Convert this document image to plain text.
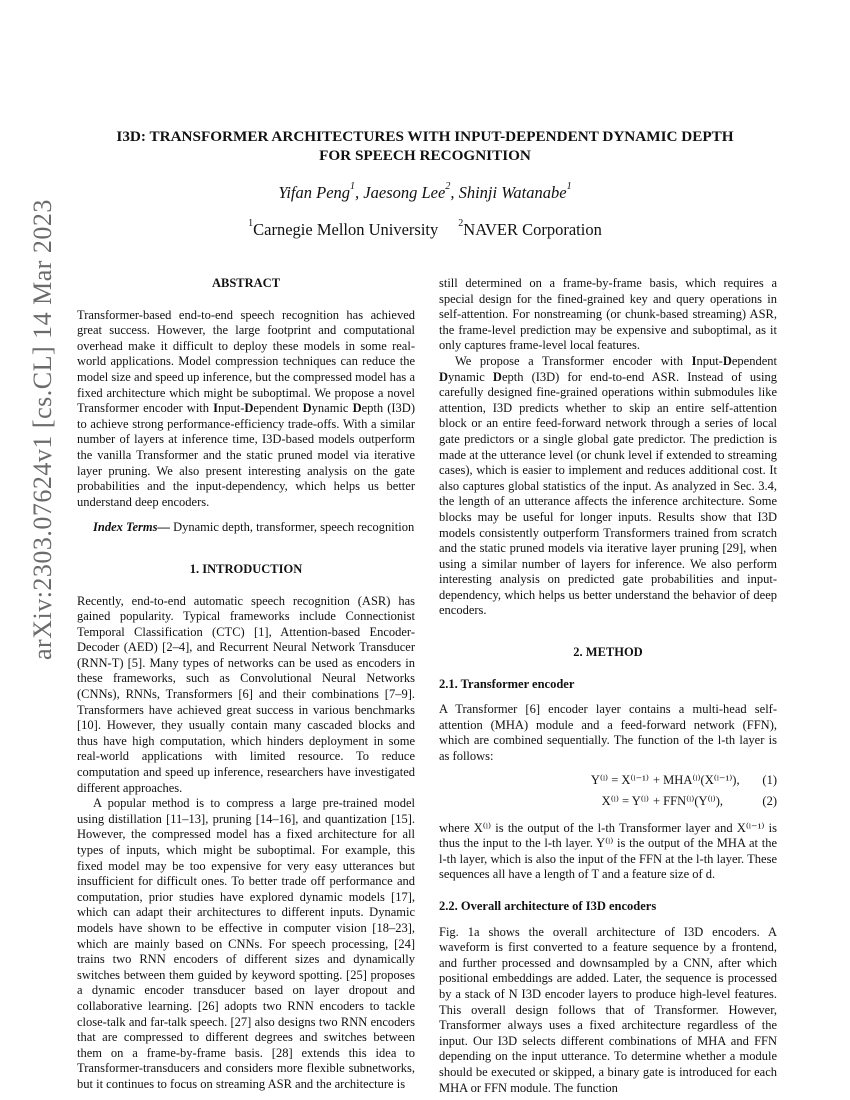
arXiv:2303.07624v1 [cs.CL] 14 Mar 2023
I3D: TRANSFORMER ARCHITECTURES WITH INPUT-DEPENDENT DYNAMIC DEPTH
FOR SPEECH RECOGNITION
Yifan Peng$^1$, Jaesong Lee$^2$, Shinji Watanabe$^1$
$^1$Carnegie Mellon University $^2$NAVER Corporation
ABSTRACT

Transformer-based end-to-end speech recognition has achieved great success. However, the large footprint and computational overhead make it difficult to deploy these models in some real-world applications. Model compression techniques can reduce the model size and speed up inference, but the compressed model has a fixed architecture which might be suboptimal. We propose a novel Transformer encoder with Input-Dependent Dynamic Depth (I3D) to achieve strong performance-efficiency trade-offs. With a similar number of layers at inference time, I3D-based models outperform the vanilla Transformer and the static pruned model via iterative layer pruning. We also present interesting analysis on the gate probabilities and the input-dependency, which helps us better understand deep encoders.

Index Terms— Dynamic depth, transformer, speech recognition

1. INTRODUCTION

Recently, end-to-end automatic speech recognition (ASR) has gained popularity. Typical frameworks include Connectionist Temporal Classification (CTC) [1], Attention-based Encoder-Decoder (AED) [2–4], and Recurrent Neural Network Transducer (RNN-T) [5]. Many types of networks can be used as encoders in these frameworks, such as Convolutional Neural Networks (CNNs), RNNs, Transformers [6] and their combinations [7–9]. Transformers have achieved great success in various benchmarks [10]. However, they usually contain many cascaded blocks and thus have high computation, which hinders deployment in some real-world applications with limited resource. To reduce computation and speed up inference, researchers have investigated different approaches.

A popular method is to compress a large pre-trained model using distillation [11–13], pruning [14–16], and quantization [15]. However, the compressed model has a fixed architecture for all types of inputs, which might be suboptimal. For example, this fixed model may be too expensive for very easy utterances but insufficient for difficult ones. To better trade off performance and computation, prior studies have explored dynamic models [17], which can adapt their architectures to different inputs. Dynamic models have shown to be effective in computer vision [18–23], which are mainly based on CNNs. For speech processing, [24] trains two RNN encoders of different sizes and dynamically switches between them guided by keyword spotting. [25] proposes a dynamic encoder transducer based on layer dropout and collaborative learning. [26] adopts two RNN encoders to tackle close-talk and far-talk speech. [27] also designs two RNN encoders that are compressed to different degrees and switches between them on a frame-by-frame basis. [28] extends this idea to Transformer-transducers and considers more flexible subnetworks, but it continues to focus on streaming ASR and the architecture is

still determined on a frame-by-frame basis, which requires a special design for the fined-grained key and query operations in self-attention. For nonstreaming (or chunk-based streaming) ASR, the frame-level prediction may be expensive and suboptimal, as it only captures frame-level local features.

We propose a Transformer encoder with Input-Dependent Dynamic Depth (I3D) for end-to-end ASR. Instead of using carefully designed fine-grained operations within submodules like attention, I3D predicts whether to skip an entire self-attention block or an entire feed-forward network through a series of local gate predictors or a single global gate predictor. The prediction is made at the utterance level (or chunk level if extended to streaming cases), which is easier to implement and reduces additional cost. It also captures global statistics of the input. As analyzed in Sec. 3.4, the length of an utterance affects the inference architecture. Some blocks may be useful for longer inputs. Results show that I3D models consistently outperform Transformers trained from scratch and the static pruned models via iterative layer pruning [29], when using a similar number of layers for inference. We also perform interesting analysis on predicted gate probabilities and input-dependency, which helps us better understand the behavior of deep encoders.

2. METHOD
2.1. Transformer encoder

A Transformer [6] encoder layer contains a multi-head self-attention (MHA) module and a feed-forward network (FFN), which are combined sequentially. The function of the l-th layer is as follows:

Y⁽ˡ⁾ = X⁽ˡ⁻¹⁾ + MHA⁽ˡ⁾(X⁽ˡ⁻¹⁾),	(1)
X⁽ˡ⁾ = Y⁽ˡ⁾ + FFN⁽ˡ⁾(Y⁽ˡ⁾),	(2)

where X⁽ˡ⁾ is the output of the l-th Transformer layer and X⁽ˡ⁻¹⁾ is thus the input to the l-th layer. Y⁽ˡ⁾ is the output of the MHA at the l-th layer, which is also the input of the FFN at the l-th layer. These sequences all have a length of T and a feature size of d.

2.2. Overall architecture of I3D encoders

Fig. 1a shows the overall architecture of I3D encoders. A waveform is first converted to a feature sequence by a frontend, and further processed and downsampled by a CNN, after which positional embeddings are added. Later, the sequence is processed by a stack of N I3D encoder layers to produce high-level features. This overall design follows that of Transformer. However, Transformer always uses a fixed architecture regardless of the input. Our I3D selects different combinations of MHA and FFN depending on the input utterance. To determine whether a module should be executed or skipped, a binary gate is introduced for each MHA or FFN module. The function
